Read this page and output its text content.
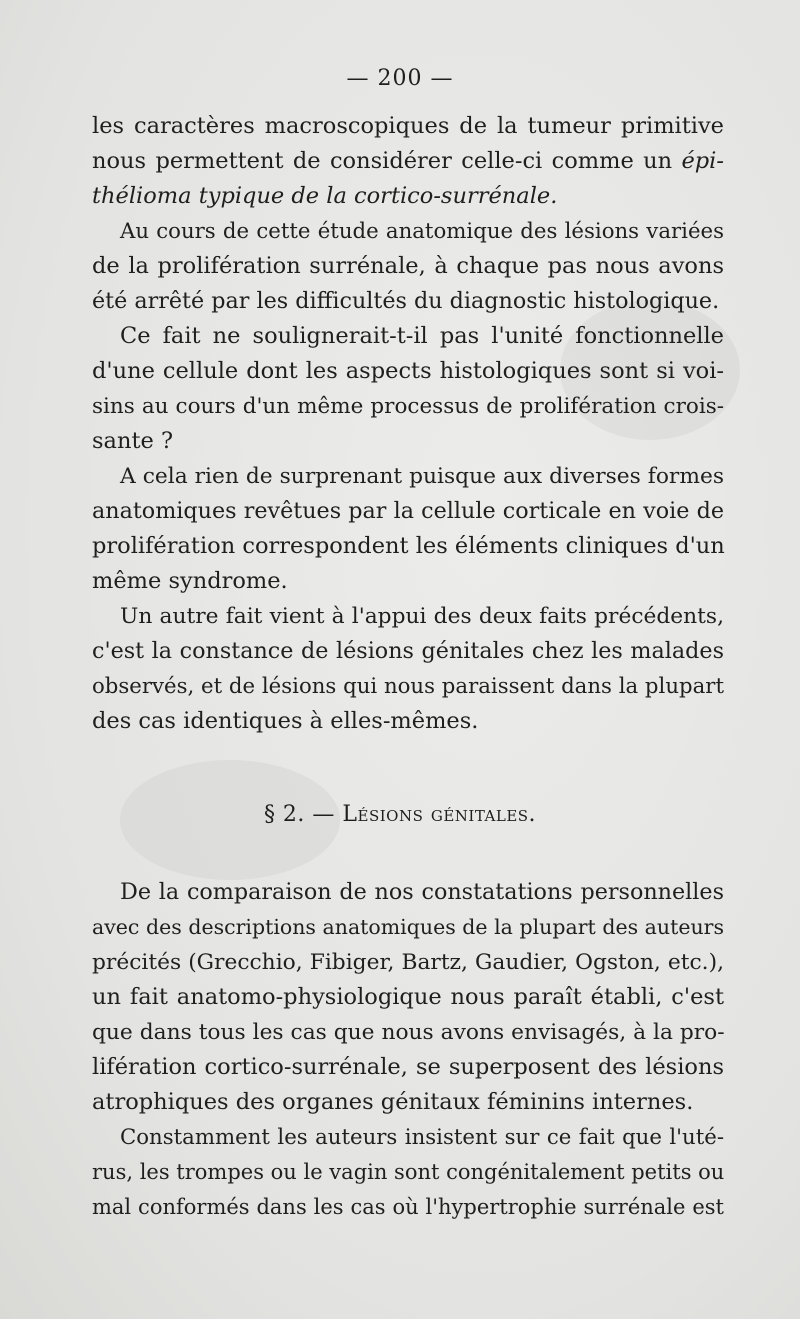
— 200 —
les caractères macroscopiques de la tumeur primitive
nous permettent de considérer celle-ci comme un épi-
thélioma typique de la cortico-surrénale.
Au cours de cette étude anatomique des lésions variées
de la prolifération surrénale, à chaque pas nous avons
été arrêté par les difficultés du diagnostic histologique.
Ce fait ne soulignerait-t-il pas l'unité fonctionnelle
d'une cellule dont les aspects histologiques sont si voi-
sins au cours d'un même processus de prolifération crois-
sante ?
A cela rien de surprenant puisque aux diverses formes
anatomiques revêtues par la cellule corticale en voie de
prolifération correspondent les éléments cliniques d'un
même syndrome.
Un autre fait vient à l'appui des deux faits précédents,
c'est la constance de lésions génitales chez les malades
observés, et de lésions qui nous paraissent dans la plupart
des cas identiques à elles-mêmes.
§ 2. — Lésions génitales.
De la comparaison de nos constatations personnelles
avec des descriptions anatomiques de la plupart des auteurs
précités (Grecchio, Fibiger, Bartz, Gaudier, Ogston, etc.),
un fait anatomo-physiologique nous paraît établi, c'est
que dans tous les cas que nous avons envisagés, à la pro-
lifération cortico-surrénale, se superposent des lésions
atrophiques des organes génitaux féminins internes.
Constamment les auteurs insistent sur ce fait que l'uté-
rus, les trompes ou le vagin sont congénitalement petits ou
mal conformés dans les cas où l'hypertrophie surrénale est
